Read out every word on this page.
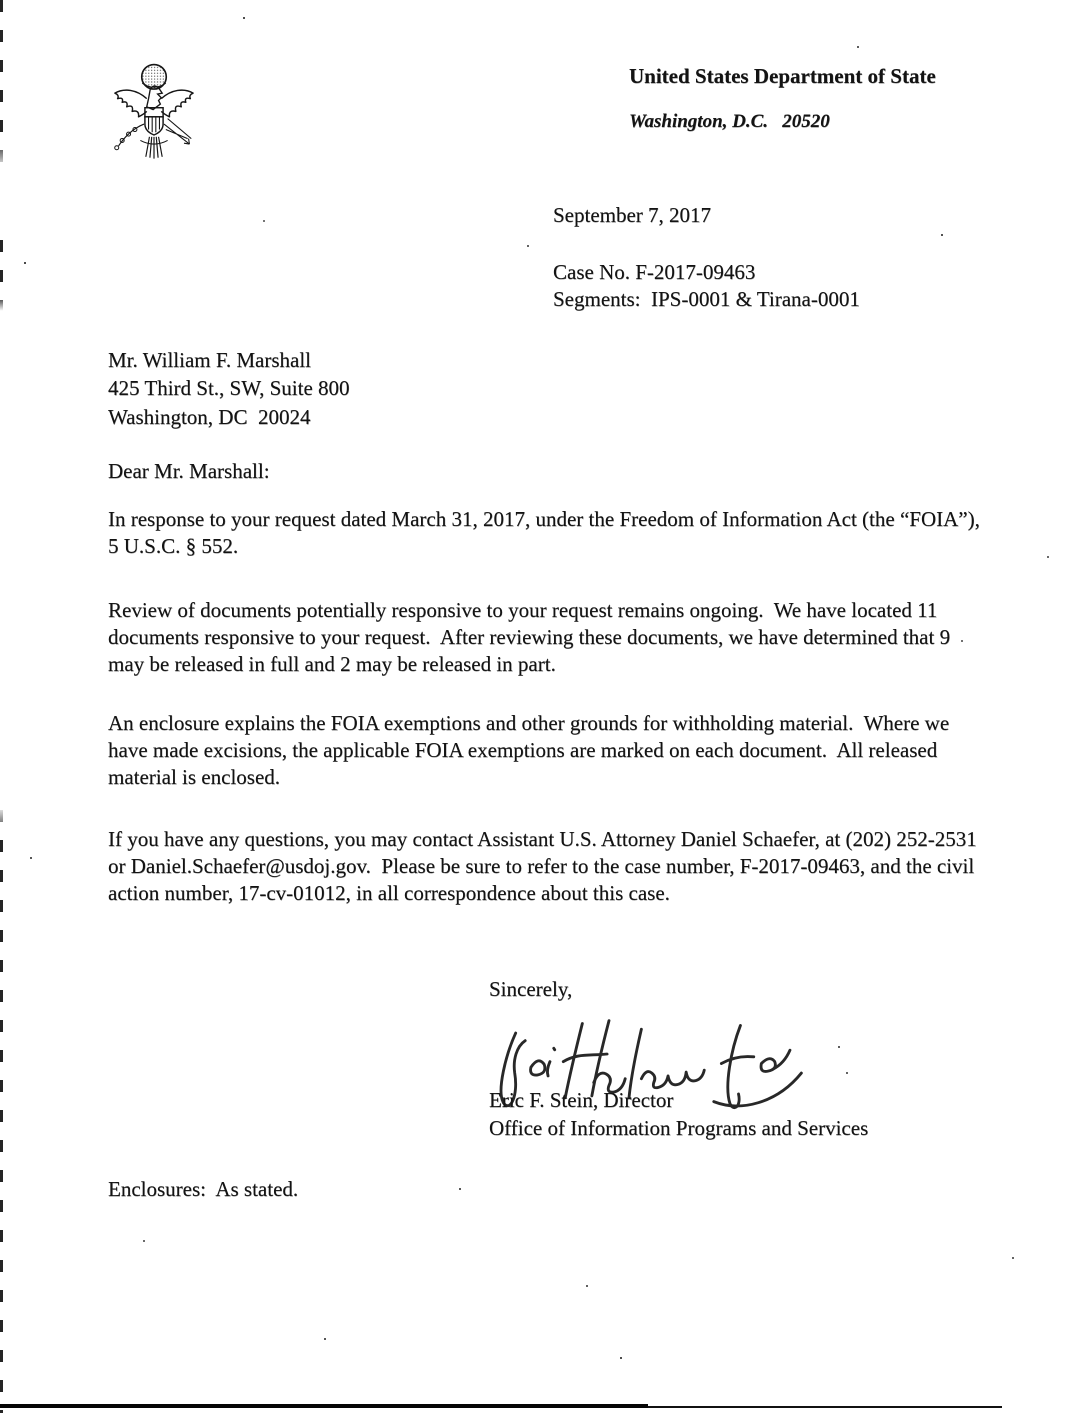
United States Department of State
Washington, D.C.   20520
September 7, 2017
Case No. F-2017-09463
Segments:  IPS-0001 & Tirana-0001
Mr. William F. Marshall
425 Third St., SW, Suite 800
Washington, DC  20024
Dear Mr. Marshall:
In response to your request dated March 31, 2017, under the Freedom of Information Act (the “FOIA”), 5 U.S.C. § 552.
Review of documents potentially responsive to your request remains ongoing.  We have located 11 documents responsive to your request.  After reviewing these documents, we have determined that 9 may be released in full and 2 may be released in part.
An enclosure explains the FOIA exemptions and other grounds for withholding material.  Where we have made excisions, the applicable FOIA exemptions are marked on each document.  All released material is enclosed.
If you have any questions, you may contact Assistant U.S. Attorney Daniel Schaefer, at (202) 252-2531 or Daniel.Schaefer@usdoj.gov.  Please be sure to refer to the case number, F-2017-09463, and the civil action number, 17-cv-01012, in all correspondence about this case.
Sincerely,
Eric F. Stein, Director
Office of Information Programs and Services
Enclosures:  As stated.
